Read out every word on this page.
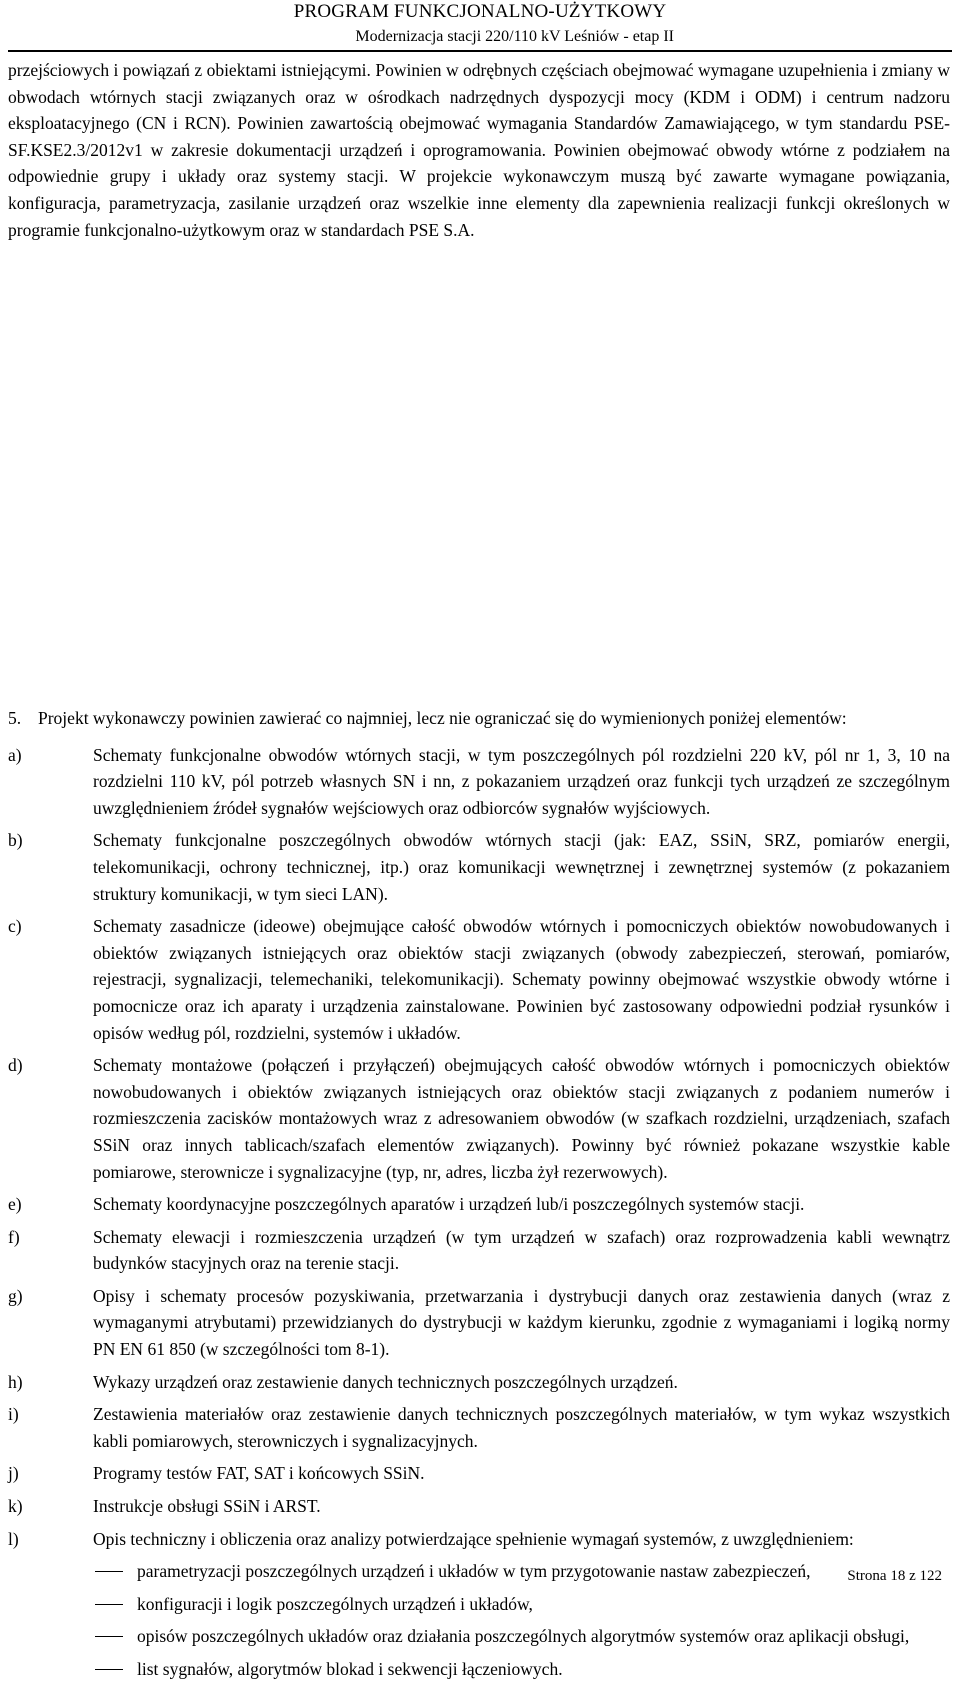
PROGRAM FUNKCJONALNO-UŻYTKOWY
Modernizacja stacji 220/110 kV Leśniów - etap II

przejściowych i powiązań z obiektami istniejącymi. Powinien w odrębnych częściach obejmować wymagane uzupełnienia i zmiany w obwodach wtórnych stacji związanych oraz w ośrodkach nadrzędnych dyspozycji mocy (KDM i ODM) i centrum nadzoru eksploatacyjnego (CN i RCN). Powinien zawartością obejmować wymagania Standardów Zamawiającego, w tym standardu PSE-SF.KSE2.3/2012v1 w zakresie dokumentacji urządzeń i oprogramowania. Powinien obejmować obwody wtórne z podziałem na odpowiednie grupy i układy oraz systemy stacji. W projekcie wykonawczym muszą być zawarte wymagane powiązania, konfiguracja, parametryzacja, zasilanie urządzeń oraz wszelkie inne elementy dla zapewnienia realizacji funkcji określonych w programie funkcjonalno-użytkowym oraz w standardach PSE S.A.

5. Projekt wykonawczy powinien zawierać co najmniej, lecz nie ograniczać się do wymienionych poniżej elementów:

a)	Schematy funkcjonalne obwodów wtórnych stacji, w tym poszczególnych pól rozdzielni 220 kV, pól nr 1, 3, 10 na rozdzielni 110 kV, pól potrzeb własnych SN i nn, z pokazaniem urządzeń oraz funkcji tych urządzeń ze szczególnym uwzględnieniem źródeł sygnałów wejściowych oraz odbiorców sygnałów wyjściowych.
b)	Schematy funkcjonalne poszczególnych obwodów wtórnych stacji (jak: EAZ, SSiN, SRZ, pomiarów energii, telekomunikacji, ochrony technicznej, itp.) oraz komunikacji wewnętrznej i zewnętrznej systemów (z pokazaniem struktury komunikacji, w tym sieci LAN).
c)	Schematy zasadnicze (ideowe) obejmujące całość obwodów wtórnych i pomocniczych obiektów nowobudowanych i obiektów związanych istniejących oraz obiektów stacji związanych (obwody zabezpieczeń, sterowań, pomiarów, rejestracji, sygnalizacji, telemechaniki, telekomunikacji). Schematy powinny obejmować wszystkie obwody wtórne i pomocnicze oraz ich aparaty i urządzenia zainstalowane. Powinien być zastosowany odpowiedni podział rysunków i opisów według pól, rozdzielni, systemów i układów.
d)	Schematy montażowe (połączeń i przyłączeń) obejmujących całość obwodów wtórnych i pomocniczych obiektów nowobudowanych i obiektów związanych istniejących oraz obiektów stacji związanych z podaniem numerów i rozmieszczenia zacisków montażowych wraz z adresowaniem obwodów (w szafkach rozdzielni, urządzeniach, szafach SSiN oraz innych tablicach/szafach elementów związanych). Powinny być również pokazane wszystkie kable pomiarowe, sterownicze i sygnalizacyjne (typ, nr, adres, liczba żył rezerwowych).
e)	Schematy koordynacyjne poszczególnych aparatów i urządzeń lub/i poszczególnych systemów stacji.
f)	Schematy elewacji i rozmieszczenia urządzeń (w tym urządzeń w szafach) oraz rozprowadzenia kabli wewnątrz budynków stacyjnych oraz na terenie stacji.
g)	Opisy i schematy procesów pozyskiwania, przetwarzania i dystrybucji danych oraz zestawienia danych (wraz z wymaganymi atrybutami) przewidzianych do dystrybucji w każdym kierunku, zgodnie z wymaganiami i logiką normy PN EN 61 850 (w szczególności tom 8-1).
h)	Wykazy urządzeń oraz zestawienie danych technicznych poszczególnych urządzeń.
i)	Zestawienia materiałów oraz zestawienie danych technicznych poszczególnych materiałów, w tym wykaz wszystkich kabli pomiarowych, sterowniczych i sygnalizacyjnych.
j)	Programy testów FAT, SAT i końcowych SSiN.
k)	Instrukcje obsługi SSiN i ARST.
l)	Opis techniczny i obliczenia oraz analizy potwierdzające spełnienie wymagań systemów, z uwzględnieniem:
parametryzacji poszczególnych urządzeń i układów w tym przygotowanie nastaw zabezpieczeń,
konfiguracji i logik poszczególnych urządzeń i układów,
opisów poszczególnych układów oraz działania poszczególnych algorytmów systemów oraz aplikacji obsługi,
list sygnałów, algorytmów blokad i sekwencji łączeniowych.
Strona 18 z 122
